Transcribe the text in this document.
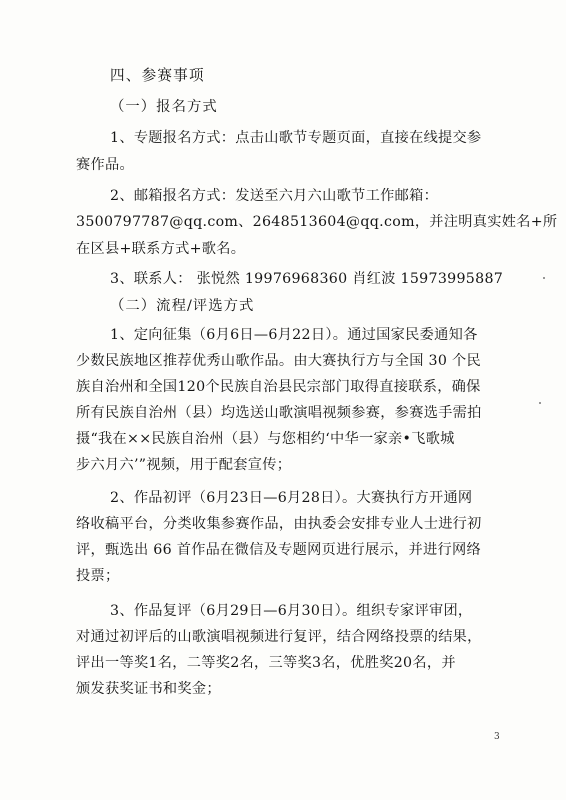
四、参赛事项
（一）报名方式
1、专题报名方式：点击山歌节专题页面，直接在线提交参
赛作品。
2、邮箱报名方式：发送至六月六山歌节工作邮箱：
3500797787@qq.com、2648513604@qq.com，并注明真实姓名+所
在区县+联系方式+歌名。
3、联系人： 张悦然 19976968360 肖红波 15973995887
（二）流程/评选方式
1、定向征集（6月6日—6月22日）。通过国家民委通知各
少数民族地区推荐优秀山歌作品。由大赛执行方与全国 30 个民
族自治州和全国120个民族自治县民宗部门取得直接联系，确保
所有民族自治州（县）均选送山歌演唱视频参赛，参赛选手需拍
摄“我在××民族自治州（县）与您相约‘中华一家亲•飞歌城
步六月六’”视频，用于配套宣传；
2、作品初评（6月23日—6月28日）。大赛执行方开通网
络收稿平台，分类收集参赛作品，由执委会安排专业人士进行初
评，甄选出 66 首作品在微信及专题网页进行展示，并进行网络
投票；
3、作品复评（6月29日—6月30日）。组织专家评审团，
对通过初评后的山歌演唱视频进行复评，结合网络投票的结果，
评出一等奖1名，二等奖2名，三等奖3名，优胜奖20名，并
颁发获奖证书和奖金；
3
